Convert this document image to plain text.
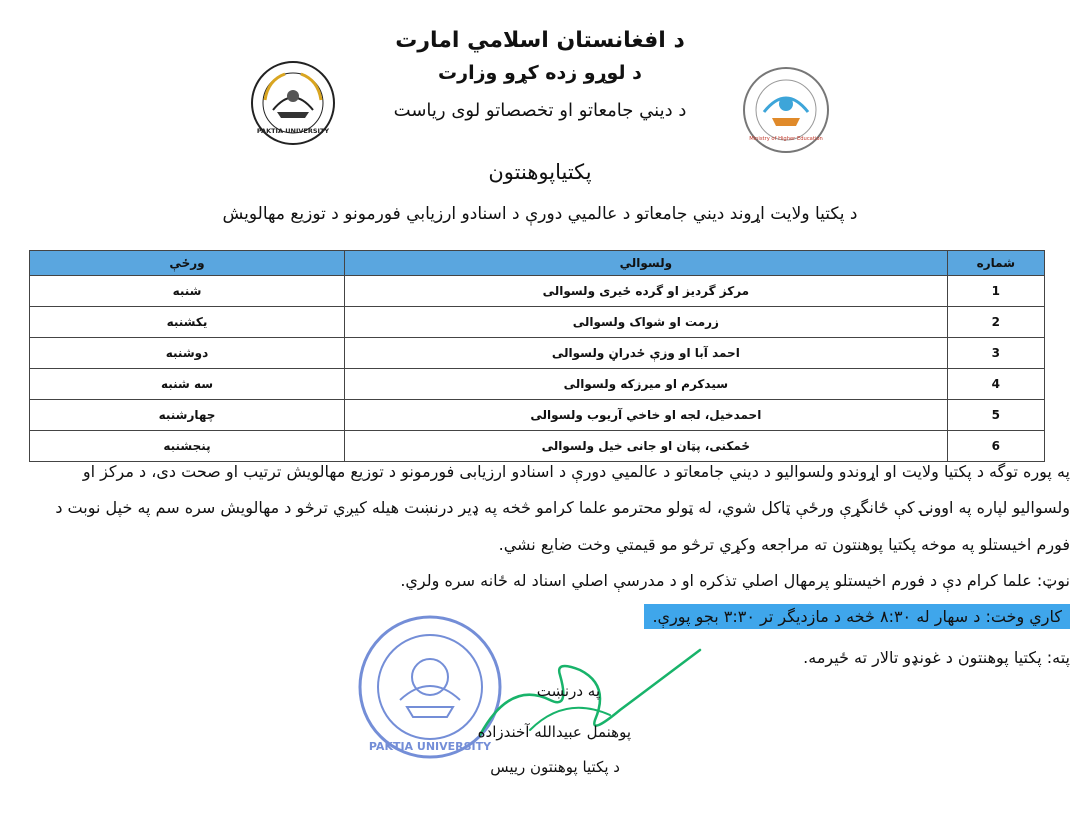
د افغانستان اسلامي امارت
د لوړو زده کړو وزارت
د ديني جامعاتو او تخصصاتو لوی رياست
پکتياپوهنتون
د پکتيا ولايت اړوند ديني جامعاتو د عالميي دورې د اسنادو ارزيابي فورمونو د توزيع مهالويش
PAKTIA UNIVERSITY
Ministry of Higher Education
شماره	ولسوالي	ورځې
1	مرکز گرديز او گرده ځيری ولسوالی	شنبه
2	زرمت او شواک ولسوالی	يکشنبه
3	احمد آبا او وزې ځدراڼ ولسوالی	دوشنبه
4	سيدکرم او ميرزکه ولسوالی	سه شنبه
5	احمدخيل، لجه او خاخي آريوب ولسوالی	چهارشنبه
6	ځمکنی، پټان او جانی خيل ولسوالی	پنجشنبه
په پوره توگه د پکتيا ولايت او اړوندو ولسواليو د ديني جامعاتو د عالميي دورې د اسنادو ارزيابی فورمونو د توزيع مهالويش ترتيب او صحت دی، د مرکز او
ولسواليو لپاره په اوونۍ کې ځانگړې ورځې ټاکل شوي، له ټولو محترمو علما کرامو څخه په ډير درنښت هيله کيږي ترڅو د مهالويش سره سم په خپل نوبت د
فورم اخيستلو په موخه پکتيا پوهنتون ته مراجعه وکړي ترڅو مو قيمتي وخت ضايع نشي.
نوټ: علما کرام دې د فورم اخيستلو پرمهال اصلي تذکره او د مدرسې اصلي اسناد له ځانه سره ولري.
کاري وخت: د سهار له ۸:۳۰ څخه د مازديگر تر ۳:۳۰ بجو پورې.
پته: پکتيا پوهنتون د غونډو تالار ته ځيرمه.
PAKTIA UNIVERSITY
په درنښت
پوهنمل عبيدالله آخندزاده
د پکتيا پوهنتون رييس
